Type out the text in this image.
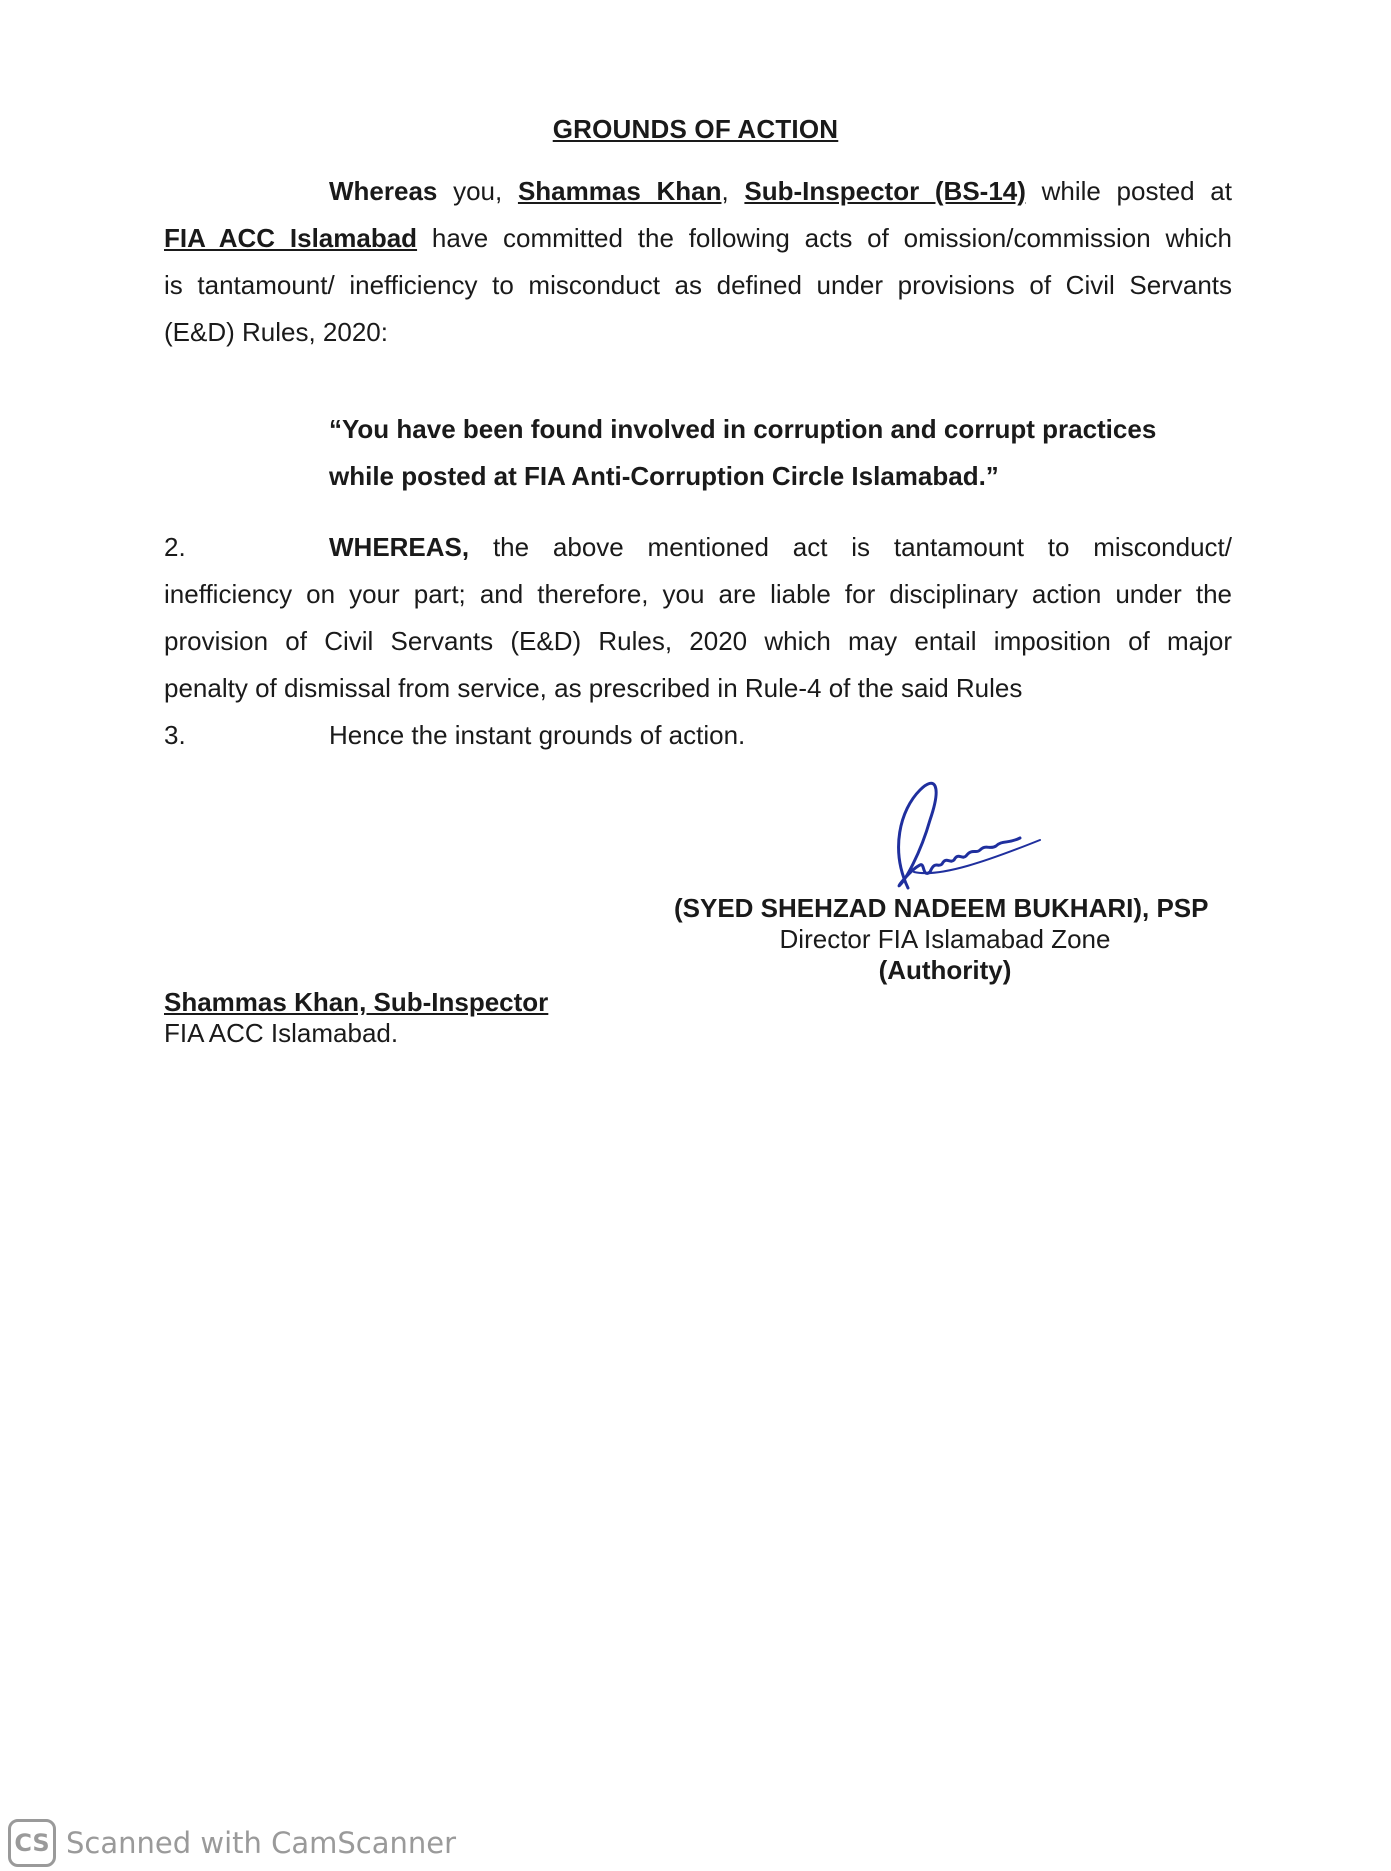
GROUNDS OF ACTION
Whereas you, Shammas Khan, Sub-Inspector (BS-14) while posted at
FIA ACC Islamabad have committed the following acts of omission/commission which
is tantamount/ inefficiency to misconduct as defined under provisions of Civil Servants
(E&D) Rules, 2020:
“You have been found involved in corruption and corrupt practices
while posted at FIA Anti-Corruption Circle Islamabad.”
2.	WHEREAS, the above mentioned act is tantamount to misconduct/
inefficiency on your part; and therefore, you are liable for disciplinary action under the
provision of Civil Servants (E&D) Rules, 2020 which may entail imposition of major
penalty of dismissal from service, as prescribed in Rule-4 of the said Rules
3.	Hence the instant grounds of action.
(SYED SHEHZAD NADEEM BUKHARI), PSP
Director FIA Islamabad Zone
(Authority)
Shammas Khan, Sub-Inspector
FIA ACC Islamabad.
CS Scanned with CamScanner
